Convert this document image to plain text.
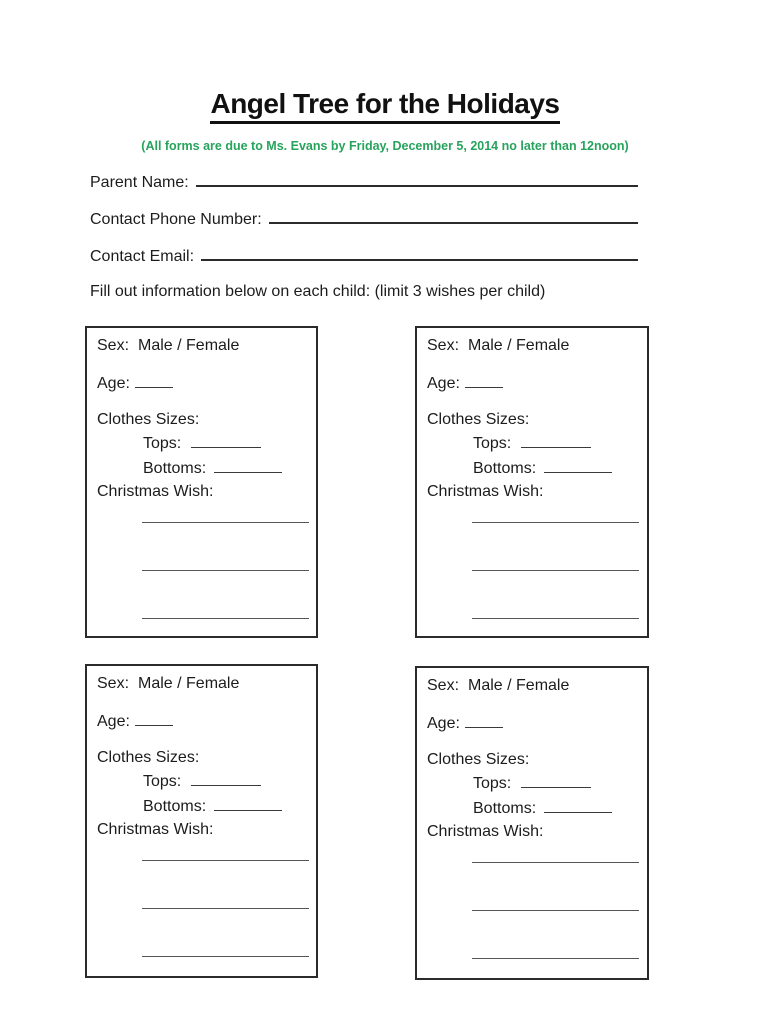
Angel Tree for the Holidays
(All forms are due to Ms. Evans by Friday, December 5, 2014 no later than 12noon)
Parent Name:
Contact Phone Number:
Contact Email:
Fill out information below on each child: (limit 3 wishes per child)
Sex: Male / Female
Age:
Clothes Sizes:
Tops:
Bottoms:
Christmas Wish:
Sex: Male / Female
Age:
Clothes Sizes:
Tops:
Bottoms:
Christmas Wish:
Sex: Male / Female
Age:
Clothes Sizes:
Tops:
Bottoms:
Christmas Wish:
Sex: Male / Female
Age:
Clothes Sizes:
Tops:
Bottoms:
Christmas Wish:
